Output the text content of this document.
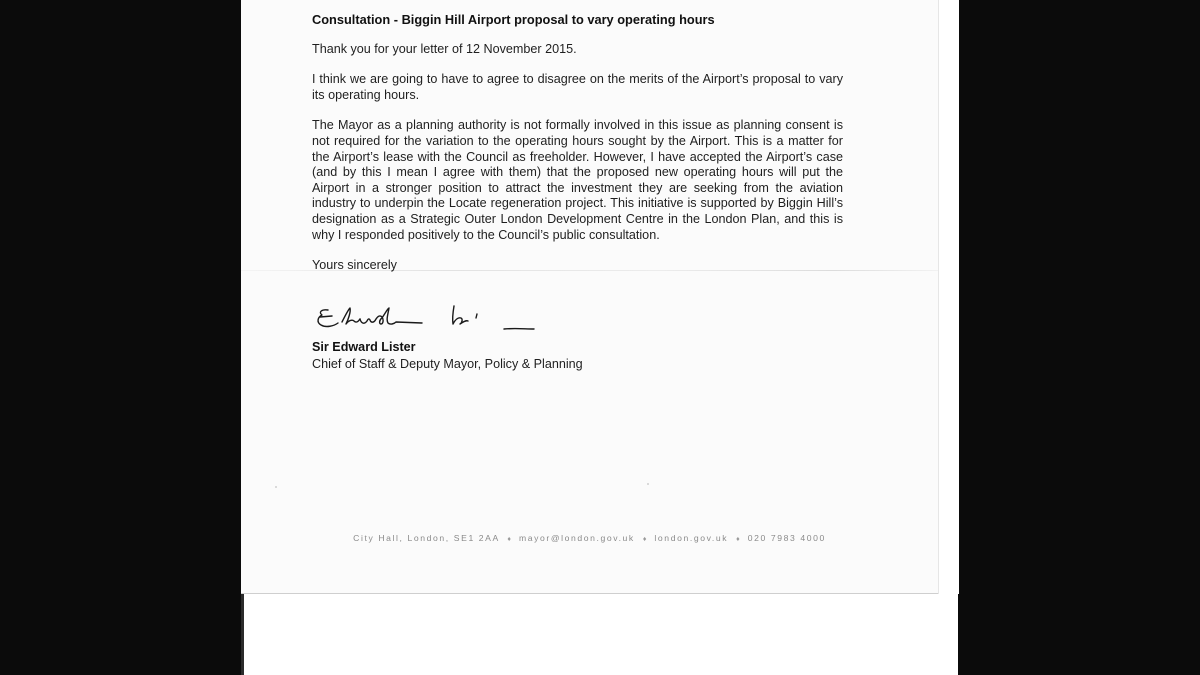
Consultation - Biggin Hill Airport proposal to vary operating hours

Thank you for your letter of 12 November 2015.

I think we are going to have to agree to disagree on the merits of the Airport’s proposal to vary its operating hours.

The Mayor as a planning authority is not formally involved in this issue as planning consent is not required for the variation to the operating hours sought by the Airport. This is a matter for the Airport’s lease with the Council as freeholder. However, I have accepted the Airport’s case (and by this I mean I agree with them) that the proposed new operating hours will put the Airport in a stronger position to attract the investment they are seeking from the aviation industry to underpin the Locate regeneration project. This initiative is supported by Biggin Hill’s designation as a Strategic Outer London Development Centre in the London Plan, and this is why I responded positively to the Council’s public consultation.

Yours sincerely

Sir Edward Lister
Chief of Staff & Deputy Mayor, Policy & Planning
City Hall, London, SE1 2AA ♦ mayor@london.gov.uk ♦ london.gov.uk ♦ 020 7983 4000
